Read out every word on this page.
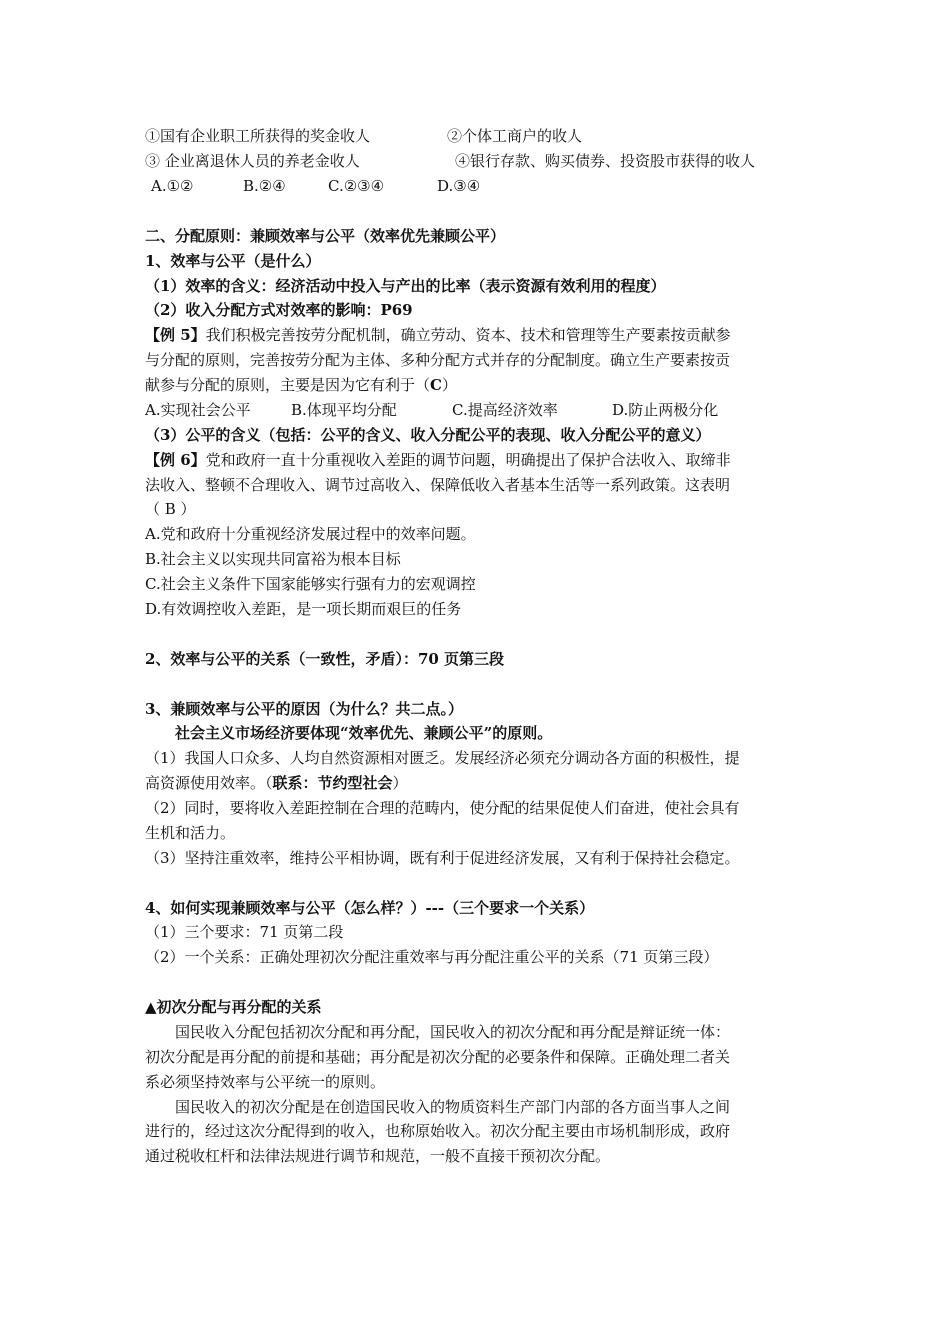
①国有企业职工所获得的奖金收人	②个体工商户的收人
③ 企业离退休人员的养老金收人	④银行存款、购买债券、投资股市获得的收人
A.①②	B.②④	C.②③④	D.③④
二、分配原则：兼顾效率与公平（效率优先兼顾公平）
1、效率与公平（是什么）
（1）效率的含义：经济活动中投入与产出的比率（表示资源有效利用的程度）
（2）收入分配方式对效率的影响：P69
【例 5】我们积极完善按劳分配机制，确立劳动、资本、技术和管理等生产要素按贡献参
与分配的原则，完善按劳分配为主体、多种分配方式并存的分配制度。确立生产要素按贡
献参与分配的原则，主要是因为它有利于（C）
A.实现社会公平	B.体现平均分配	C.提高经济效率	D.防止两极分化
（3）公平的含义（包括：公平的含义、收入分配公平的表现、收入分配公平的意义）
【例 6】党和政府一直十分重视收入差距的调节问题，明确提出了保护合法收入、取缔非
法收入、整顿不合理收入、调节过高收入、保障低收入者基本生活等一系列政策。这表明
（ B ）
A.党和政府十分重视经济发展过程中的效率问题。
B.社会主义以实现共同富裕为根本目标
C.社会主义条件下国家能够实行强有力的宏观调控
D.有效调控收入差距，是一项长期而艰巨的任务
2、效率与公平的关系（一致性，矛盾）：70 页第三段
3、兼顾效率与公平的原因（为什么？共二点。）
社会主义市场经济要体现“效率优先、兼顾公平”的原则。
（1）我国人口众多、人均自然资源相对匮乏。发展经济必须充分调动各方面的积极性，提
高资源使用效率。（联系：节约型社会）
（2）同时，要将收入差距控制在合理的范畴内，使分配的结果促使人们奋进，使社会具有
生机和活力。
（3）坚持注重效率，维持公平相协调，既有利于促进经济发展，又有利于保持社会稳定。
4、如何实现兼顾效率与公平（怎么样？）---（三个要求一个关系）
（1）三个要求：71 页第二段
（2）一个关系：正确处理初次分配注重效率与再分配注重公平的关系（71 页第三段）
▲初次分配与再分配的关系
国民收入分配包括初次分配和再分配，国民收入的初次分配和再分配是辩证统一体：
初次分配是再分配的前提和基础；再分配是初次分配的必要条件和保障。正确处理二者关
系必须坚持效率与公平统一的原则。
国民收入的初次分配是在创造国民收入的物质资料生产部门内部的各方面当事人之间
进行的，经过这次分配得到的收入，也称原始收入。初次分配主要由市场机制形成，政府
通过税收杠杆和法律法规进行调节和规范，一般不直接干预初次分配。
